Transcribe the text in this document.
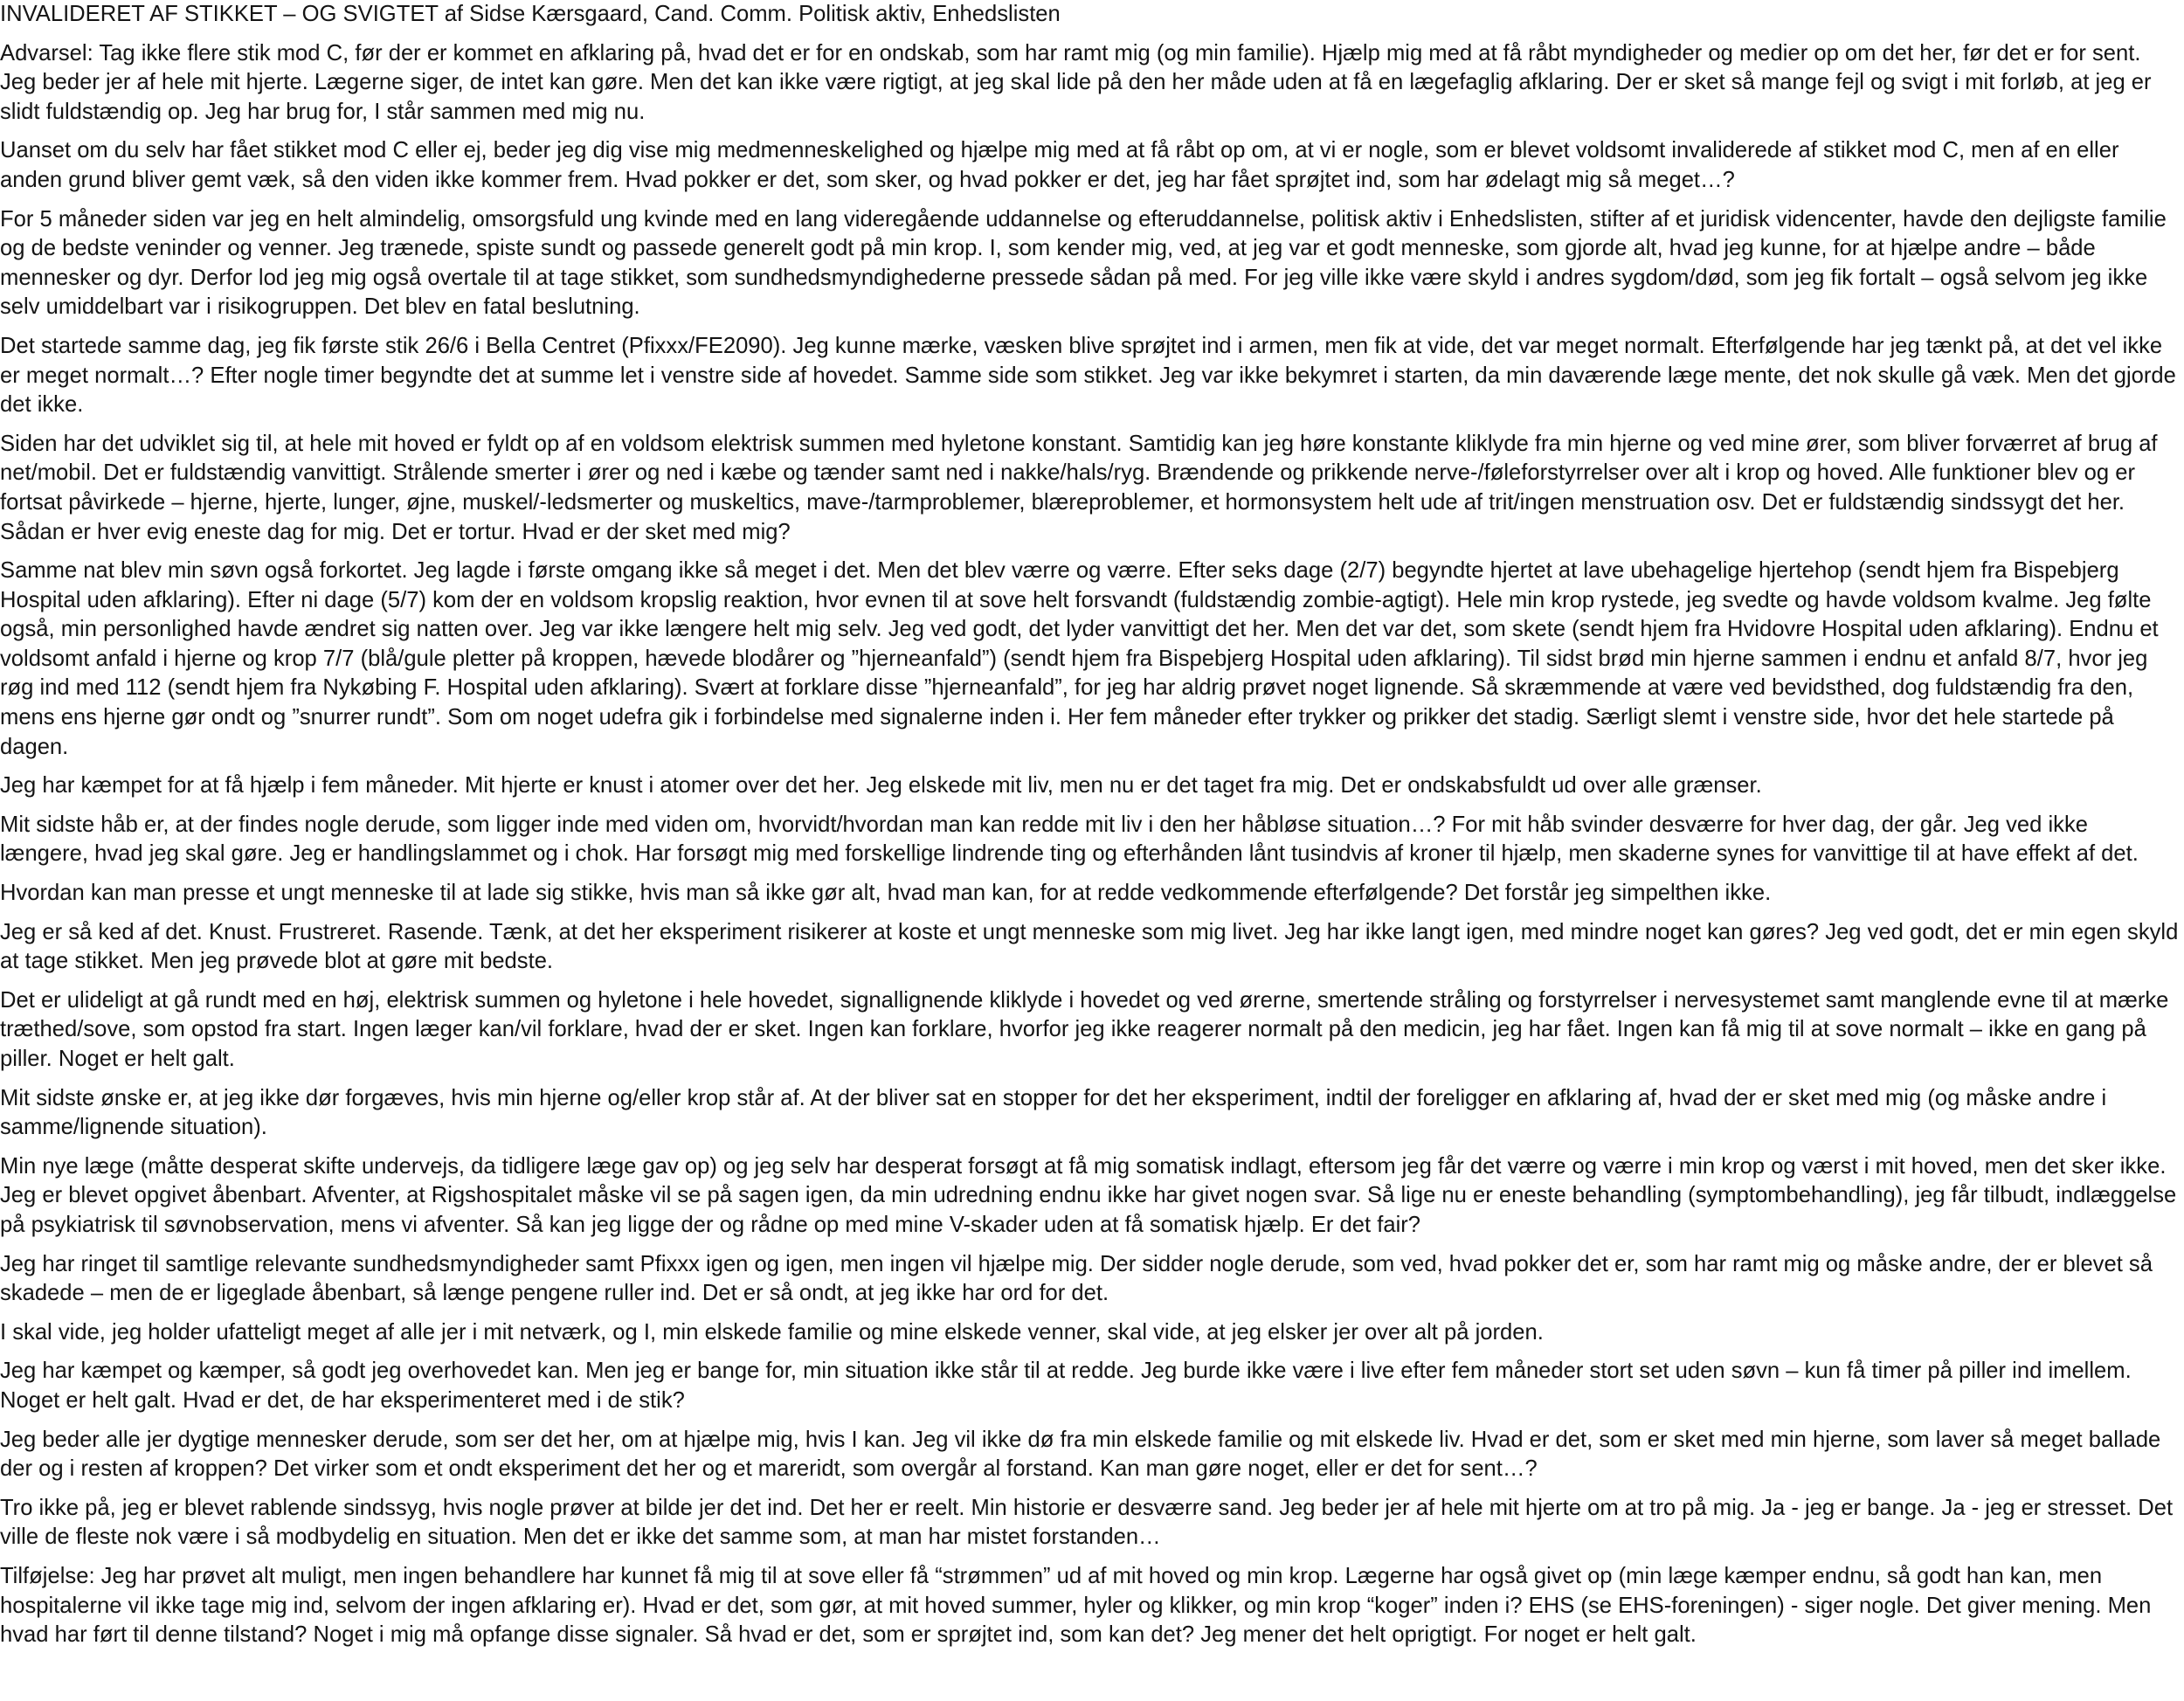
INVALIDERET AF STIKKET – OG SVIGTET af Sidse Kærsgaard, Cand. Comm. Politisk aktiv, Enhedslisten

Advarsel: Tag ikke flere stik mod C, før der er kommet en afklaring på, hvad det er for en ondskab, som har ramt mig (og min familie). Hjælp mig med at få råbt myndigheder og medier op om det her, før det er for sent. Jeg beder jer af hele mit hjerte. Lægerne siger, de intet kan gøre. Men det kan ikke være rigtigt, at jeg skal lide på den her måde uden at få en lægefaglig afklaring. Der er sket så mange fejl og svigt i mit forløb, at jeg er slidt fuldstændig op. Jeg har brug for, I står sammen med mig nu.

Uanset om du selv har fået stikket mod C eller ej, beder jeg dig vise mig medmenneskelighed og hjælpe mig med at få råbt op om, at vi er nogle, som er blevet voldsomt invaliderede af stikket mod C, men af en eller anden grund bliver gemt væk, så den viden ikke kommer frem. Hvad pokker er det, som sker, og hvad pokker er det, jeg har fået sprøjtet ind, som har ødelagt mig så meget…?

For 5 måneder siden var jeg en helt almindelig, omsorgsfuld ung kvinde med en lang videregående uddannelse og efteruddannelse, politisk aktiv i Enhedslisten, stifter af et juridisk videncenter, havde den dejligste familie og de bedste veninder og venner. Jeg trænede, spiste sundt og passede generelt godt på min krop. I, som kender mig, ved, at jeg var et godt menneske, som gjorde alt, hvad jeg kunne, for at hjælpe andre – både mennesker og dyr. Derfor lod jeg mig også overtale til at tage stikket, som sundhedsmyndighederne pressede sådan på med. For jeg ville ikke være skyld i andres sygdom/død, som jeg fik fortalt – også selvom jeg ikke selv umiddelbart var i risikogruppen. Det blev en fatal beslutning.

Det startede samme dag, jeg fik første stik 26/6 i Bella Centret (Pfixxx/FE2090). Jeg kunne mærke, væsken blive sprøjtet ind i armen, men fik at vide, det var meget normalt. Efterfølgende har jeg tænkt på, at det vel ikke er meget normalt…? Efter nogle timer begyndte det at summe let i venstre side af hovedet. Samme side som stikket. Jeg var ikke bekymret i starten, da min daværende læge mente, det nok skulle gå væk. Men det gjorde det ikke.

Siden har det udviklet sig til, at hele mit hoved er fyldt op af en voldsom elektrisk summen med hyletone konstant. Samtidig kan jeg høre konstante kliklyde fra min hjerne og ved mine ører, som bliver forværret af brug af net/mobil. Det er fuldstændig vanvittigt. Strålende smerter i ører og ned i kæbe og tænder samt ned i nakke/hals/ryg. Brændende og prikkende nerve-/føleforstyrrelser over alt i krop og hoved. Alle funktioner blev og er fortsat påvirkede – hjerne, hjerte, lunger, øjne, muskel/-ledsmerter og muskeltics, mave-/tarmproblemer, blæreproblemer, et hormonsystem helt ude af trit/ingen menstruation osv. Det er fuldstændig sindssygt det her. Sådan er hver evig eneste dag for mig. Det er tortur. Hvad er der sket med mig?

Samme nat blev min søvn også forkortet. Jeg lagde i første omgang ikke så meget i det. Men det blev værre og værre. Efter seks dage (2/7) begyndte hjertet at lave ubehagelige hjertehop (sendt hjem fra Bispebjerg Hospital uden afklaring). Efter ni dage (5/7) kom der en voldsom kropslig reaktion, hvor evnen til at sove helt forsvandt (fuldstændig zombie-agtigt). Hele min krop rystede, jeg svedte og havde voldsom kvalme. Jeg følte også, min personlighed havde ændret sig natten over. Jeg var ikke længere helt mig selv. Jeg ved godt, det lyder vanvittigt det her. Men det var det, som skete (sendt hjem fra Hvidovre Hospital uden afklaring). Endnu et voldsomt anfald i hjerne og krop 7/7 (blå/gule pletter på kroppen, hævede blodårer og ”hjerneanfald”) (sendt hjem fra Bispebjerg Hospital uden afklaring). Til sidst brød min hjerne sammen i endnu et anfald 8/7, hvor jeg røg ind med 112 (sendt hjem fra Nykøbing F. Hospital uden afklaring). Svært at forklare disse ”hjerneanfald”, for jeg har aldrig prøvet noget lignende. Så skræmmende at være ved bevidsthed, dog fuldstændig fra den, mens ens hjerne gør ondt og ”snurrer rundt”. Som om noget udefra gik i forbindelse med signalerne inden i. Her fem måneder efter trykker og prikker det stadig. Særligt slemt i venstre side, hvor det hele startede på dagen.

Jeg har kæmpet for at få hjælp i fem måneder. Mit hjerte er knust i atomer over det her. Jeg elskede mit liv, men nu er det taget fra mig. Det er ondskabsfuldt ud over alle grænser.

Mit sidste håb er, at der findes nogle derude, som ligger inde med viden om, hvorvidt/hvordan man kan redde mit liv i den her håbløse situation…? For mit håb svinder desværre for hver dag, der går. Jeg ved ikke længere, hvad jeg skal gøre. Jeg er handlingslammet og i chok. Har forsøgt mig med forskellige lindrende ting og efterhånden lånt tusindvis af kroner til hjælp, men skaderne synes for vanvittige til at have effekt af det.

Hvordan kan man presse et ungt menneske til at lade sig stikke, hvis man så ikke gør alt, hvad man kan, for at redde vedkommende efterfølgende? Det forstår jeg simpelthen ikke.

Jeg er så ked af det. Knust. Frustreret. Rasende. Tænk, at det her eksperiment risikerer at koste et ungt menneske som mig livet. Jeg har ikke langt igen, med mindre noget kan gøres? Jeg ved godt, det er min egen skyld at tage stikket. Men jeg prøvede blot at gøre mit bedste.

Det er ulideligt at gå rundt med en høj, elektrisk summen og hyletone i hele hovedet, signallignende kliklyde i hovedet og ved ørerne, smertende stråling og forstyrrelser i nervesystemet samt manglende evne til at mærke træthed/sove, som opstod fra start. Ingen læger kan/vil forklare, hvad der er sket. Ingen kan forklare, hvorfor jeg ikke reagerer normalt på den medicin, jeg har fået. Ingen kan få mig til at sove normalt – ikke en gang på piller. Noget er helt galt.

Mit sidste ønske er, at jeg ikke dør forgæves, hvis min hjerne og/eller krop står af. At der bliver sat en stopper for det her eksperiment, indtil der foreligger en afklaring af, hvad der er sket med mig (og måske andre i samme/lignende situation).

Min nye læge (måtte desperat skifte undervejs, da tidligere læge gav op) og jeg selv har desperat forsøgt at få mig somatisk indlagt, eftersom jeg får det værre og værre i min krop og værst i mit hoved, men det sker ikke. Jeg er blevet opgivet åbenbart. Afventer, at Rigshospitalet måske vil se på sagen igen, da min udredning endnu ikke har givet nogen svar. Så lige nu er eneste behandling (symptombehandling), jeg får tilbudt, indlæggelse på psykiatrisk til søvnobservation, mens vi afventer. Så kan jeg ligge der og rådne op med mine V-skader uden at få somatisk hjælp. Er det fair?

Jeg har ringet til samtlige relevante sundhedsmyndigheder samt Pfixxx igen og igen, men ingen vil hjælpe mig. Der sidder nogle derude, som ved, hvad pokker det er, som har ramt mig og måske andre, der er blevet så skadede – men de er ligeglade åbenbart, så længe pengene ruller ind. Det er så ondt, at jeg ikke har ord for det.

I skal vide, jeg holder ufatteligt meget af alle jer i mit netværk, og I, min elskede familie og mine elskede venner, skal vide, at jeg elsker jer over alt på jorden.

Jeg har kæmpet og kæmper, så godt jeg overhovedet kan. Men jeg er bange for, min situation ikke står til at redde. Jeg burde ikke være i live efter fem måneder stort set uden søvn – kun få timer på piller ind imellem. Noget er helt galt. Hvad er det, de har eksperimenteret med i de stik?

Jeg beder alle jer dygtige mennesker derude, som ser det her, om at hjælpe mig, hvis I kan. Jeg vil ikke dø fra min elskede familie og mit elskede liv. Hvad er det, som er sket med min hjerne, som laver så meget ballade der og i resten af kroppen? Det virker som et ondt eksperiment det her og et mareridt, som overgår al forstand. Kan man gøre noget, eller er det for sent…?

Tro ikke på, jeg er blevet rablende sindssyg, hvis nogle prøver at bilde jer det ind. Det her er reelt. Min historie er desværre sand. Jeg beder jer af hele mit hjerte om at tro på mig. Ja - jeg er bange. Ja - jeg er stresset. Det ville de fleste nok være i så modbydelig en situation. Men det er ikke det samme som, at man har mistet forstanden…

Tilføjelse: Jeg har prøvet alt muligt, men ingen behandlere har kunnet få mig til at sove eller få “strømmen” ud af mit hoved og min krop. Lægerne har også givet op (min læge kæmper endnu, så godt han kan, men hospitalerne vil ikke tage mig ind, selvom der ingen afklaring er). Hvad er det, som gør, at mit hoved summer, hyler og klikker, og min krop “koger” inden i? EHS (se EHS-foreningen) - siger nogle. Det giver mening. Men hvad har ført til denne tilstand? Noget i mig må opfange disse signaler. Så hvad er det, som er sprøjtet ind, som kan det? Jeg mener det helt oprigtigt. For noget er helt galt.
